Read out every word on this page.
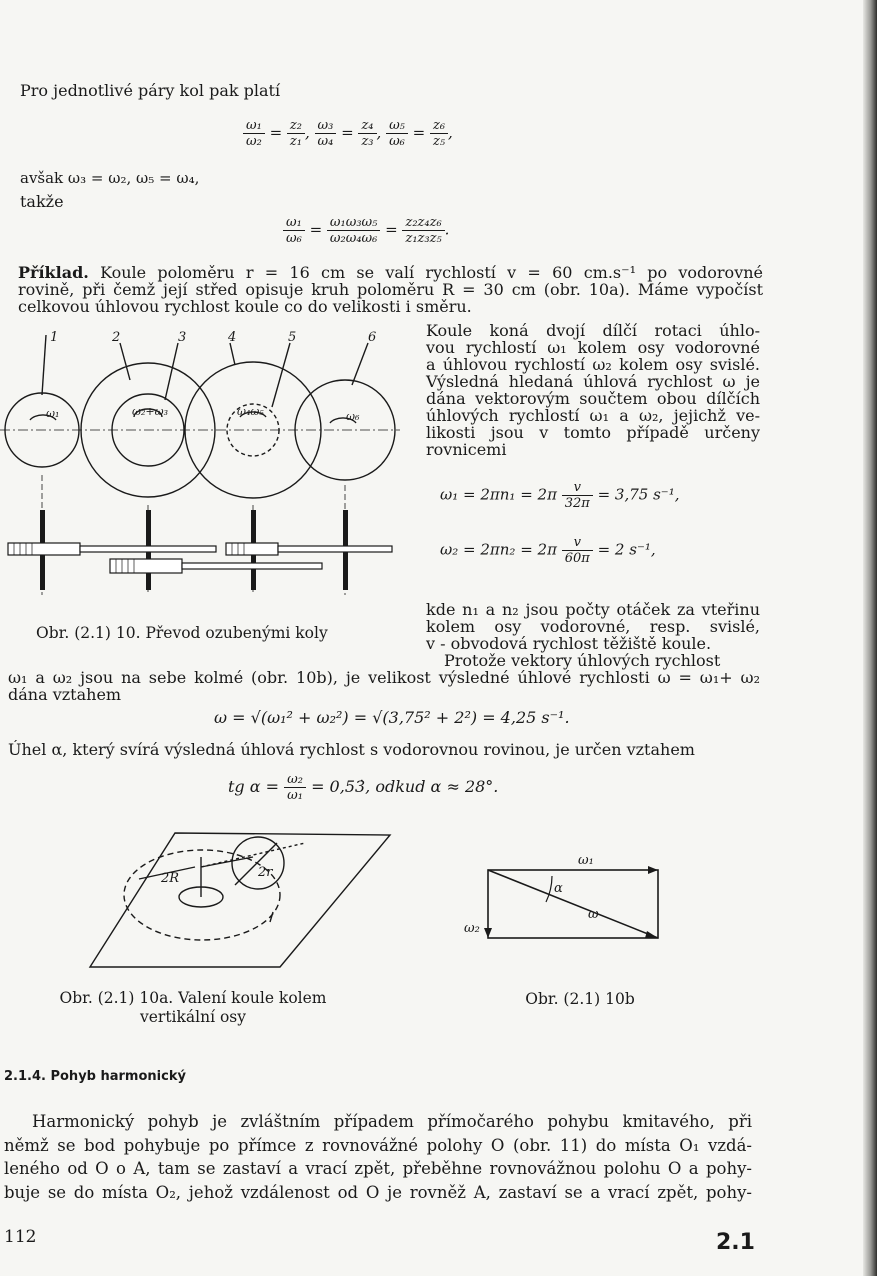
Pro jednotlivé páry kol pak platí
$\frac{\text{ω₁}}{\text{ω₂}} = \frac{\text{z₂}}{\text{z₁}}$ , $\frac{\text{ω₃}}{\text{ω₄}} = \frac{\text{z₄}}{\text{z₃}}$ , $\frac{\text{ω₅}}{\text{ω₆}} = \frac{\text{z₆}}{\text{z₅}}$ ,
avšak ω₃ = ω₂, ω₅ = ω₄,
takže
$\frac{\text{ω₁}}{\text{ω₆}} = \frac{\text{ω₁ω₃ω₅}}{\text{ω₂ω₄ω₆}} = \frac{\text{z₂z₄z₆}}{\text{z₁z₃z₅}}$ .
Příklad. Koule poloměru r = 16 cm se valí rychlostí v = 60 cm.s⁻¹ po vodorovné
rovině, při čemž její střed opisuje kruh poloměru R = 30 cm (obr. 10a). Máme vypočíst
celkovou úhlovou rychlost koule co do velikosti i směru.
1	2	3	4	5	6
ω₁	ω₂+ω₃	ω₄ω₅	ω₆
Obr. (2.1) 10. Převod ozubenými koly
Koule koná dvojí dílčí rotaci úhlo-
vou rychlostí ω₁ kolem osy vodorovné
a úhlovou rychlostí ω₂ kolem osy svislé.
Výsledná hledaná úhlová rychlost ω je
dána vektorovým součtem obou dílčích
úhlových rychlostí ω₁ a ω₂, jejichž ve-
likosti jsou v tomto případě určeny
rovnicemi
$\omega_1 = 2\pi n_1 = 2\pi \frac{v}{32\pi} = 3,75$ s⁻¹,
$\omega_2 = 2\pi n_2 = 2\pi \frac{v}{60\pi} = 2$ s⁻¹,
kde n₁ a n₂ jsou počty otáček za vteřinu
kolem osy vodorovné, resp. svislé,
v - obvodová rychlost těžiště koule.
Protože vektory úhlových rychlost
ω₁ a ω₂ jsou na sebe kolmé (obr. 10b), je velikost výsledné úhlové rychlosti ω = ω₁+ ω₂
dána vztahem
ω = √(ω₁² + ω₂²) = √(3,75² + 2²) = 4,25 s⁻¹.
Úhel α, který svírá výsledná úhlová rychlost s vodorovnou rovinou, je určen vztahem
tg $\alpha = \frac{\text{ω₂}}{\text{ω₁}}$ = 0,53̇, odkud α ≈ 28°.
2R	2r
Obr. (2.1) 10a. Valení koule kolem
vertikální osy
ω₁
α
ω
ω₂
Obr. (2.1) 10b
2.1.4. Pohyb harmonický
Harmonický pohyb je zvláštním případem přímočarého pohybu kmitavého, při
němž se bod pohybuje po přímce z rovnovážné polohy O (obr. 11) do místa O₁ vzdá-
leného od O o A, tam se zastaví a vrací zpět, přeběhne rovnovážnou polohu O a pohy-
buje se do místa O₂, jehož vzdálenost od O je rovněž A, zastaví se a vrací zpět, pohy-
112	2.1
